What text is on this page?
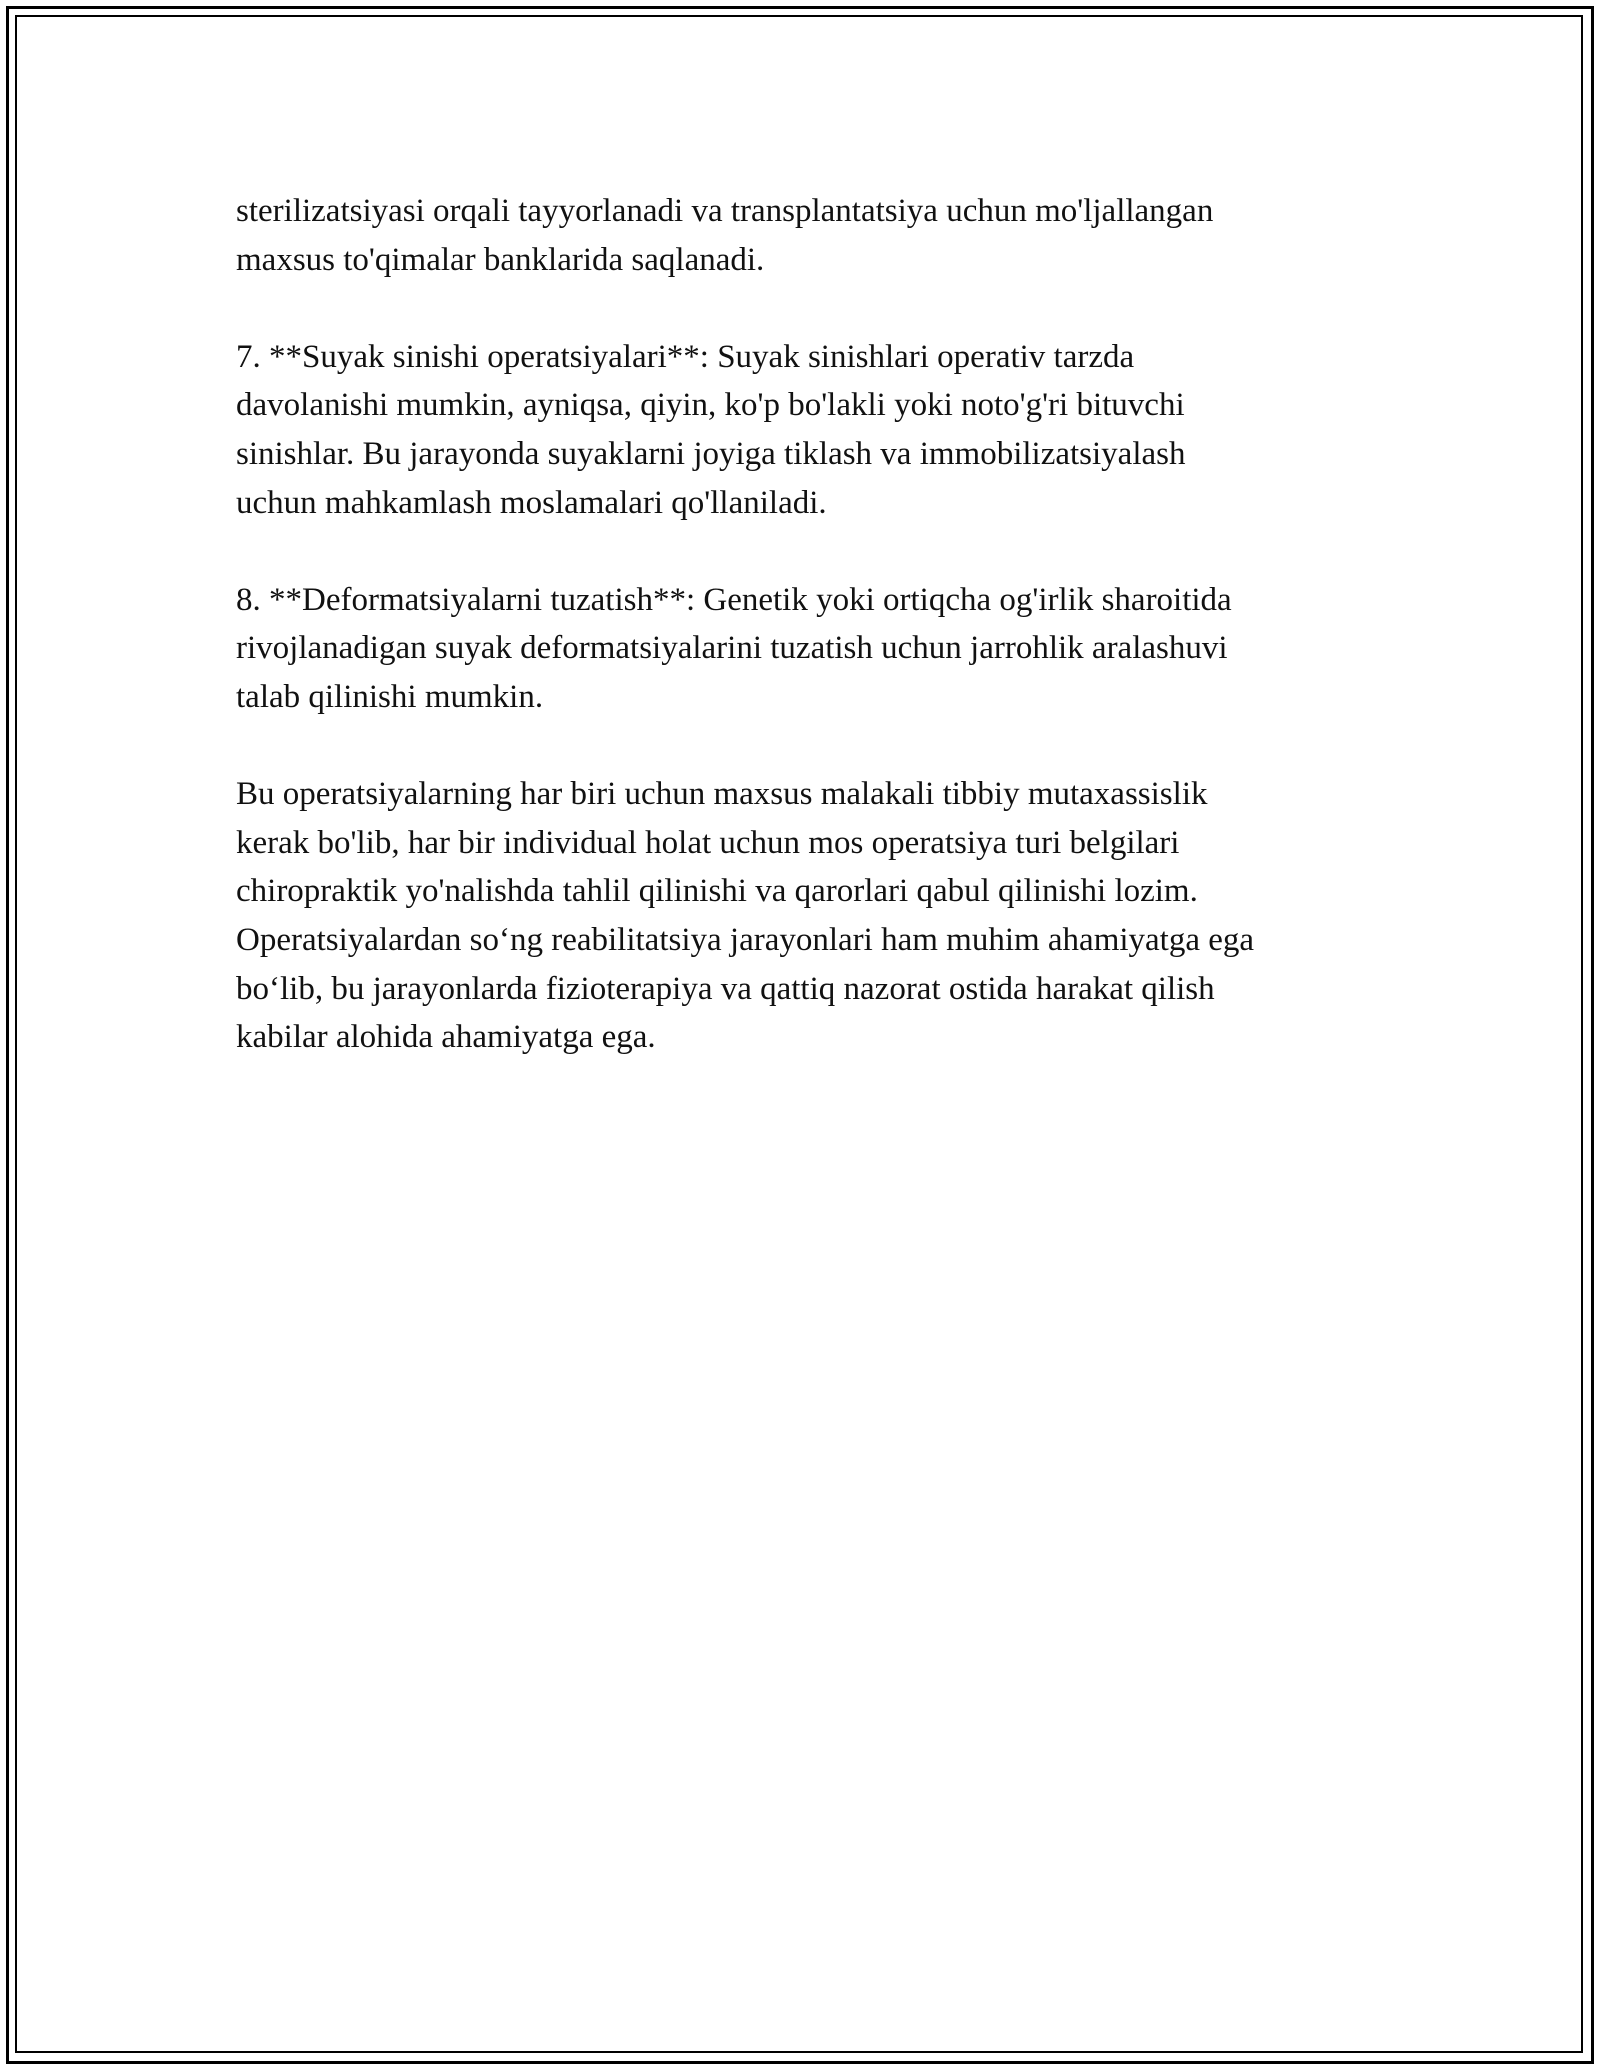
sterilizatsiyasi orqali tayyorlanadi va transplantatsiya uchun mo'ljallangan
maxsus to'qimalar banklarida saqlanadi.

7. **Suyak sinishi operatsiyalari**: Suyak sinishlari operativ tarzda
davolanishi mumkin, ayniqsa, qiyin, ko'p bo'lakli yoki noto'g'ri bituvchi
sinishlar. Bu jarayonda suyaklarni joyiga tiklash va immobilizatsiyalash
uchun mahkamlash moslamalari qo'llaniladi.

8. **Deformatsiyalarni tuzatish**: Genetik yoki ortiqcha og'irlik sharoitida
rivojlanadigan suyak deformatsiyalarini tuzatish uchun jarrohlik aralashuvi
talab qilinishi mumkin.

Bu operatsiyalarning har biri uchun maxsus malakali tibbiy mutaxassislik
kerak bo'lib, har bir individual holat uchun mos operatsiya turi belgilari
chiropraktik yo'nalishda tahlil qilinishi va qarorlari qabul qilinishi lozim.
Operatsiyalardan so‘ng reabilitatsiya jarayonlari ham muhim ahamiyatga ega
bo‘lib, bu jarayonlarda fizioterapiya va qattiq nazorat ostida harakat qilish
kabilar alohida ahamiyatga ega.
